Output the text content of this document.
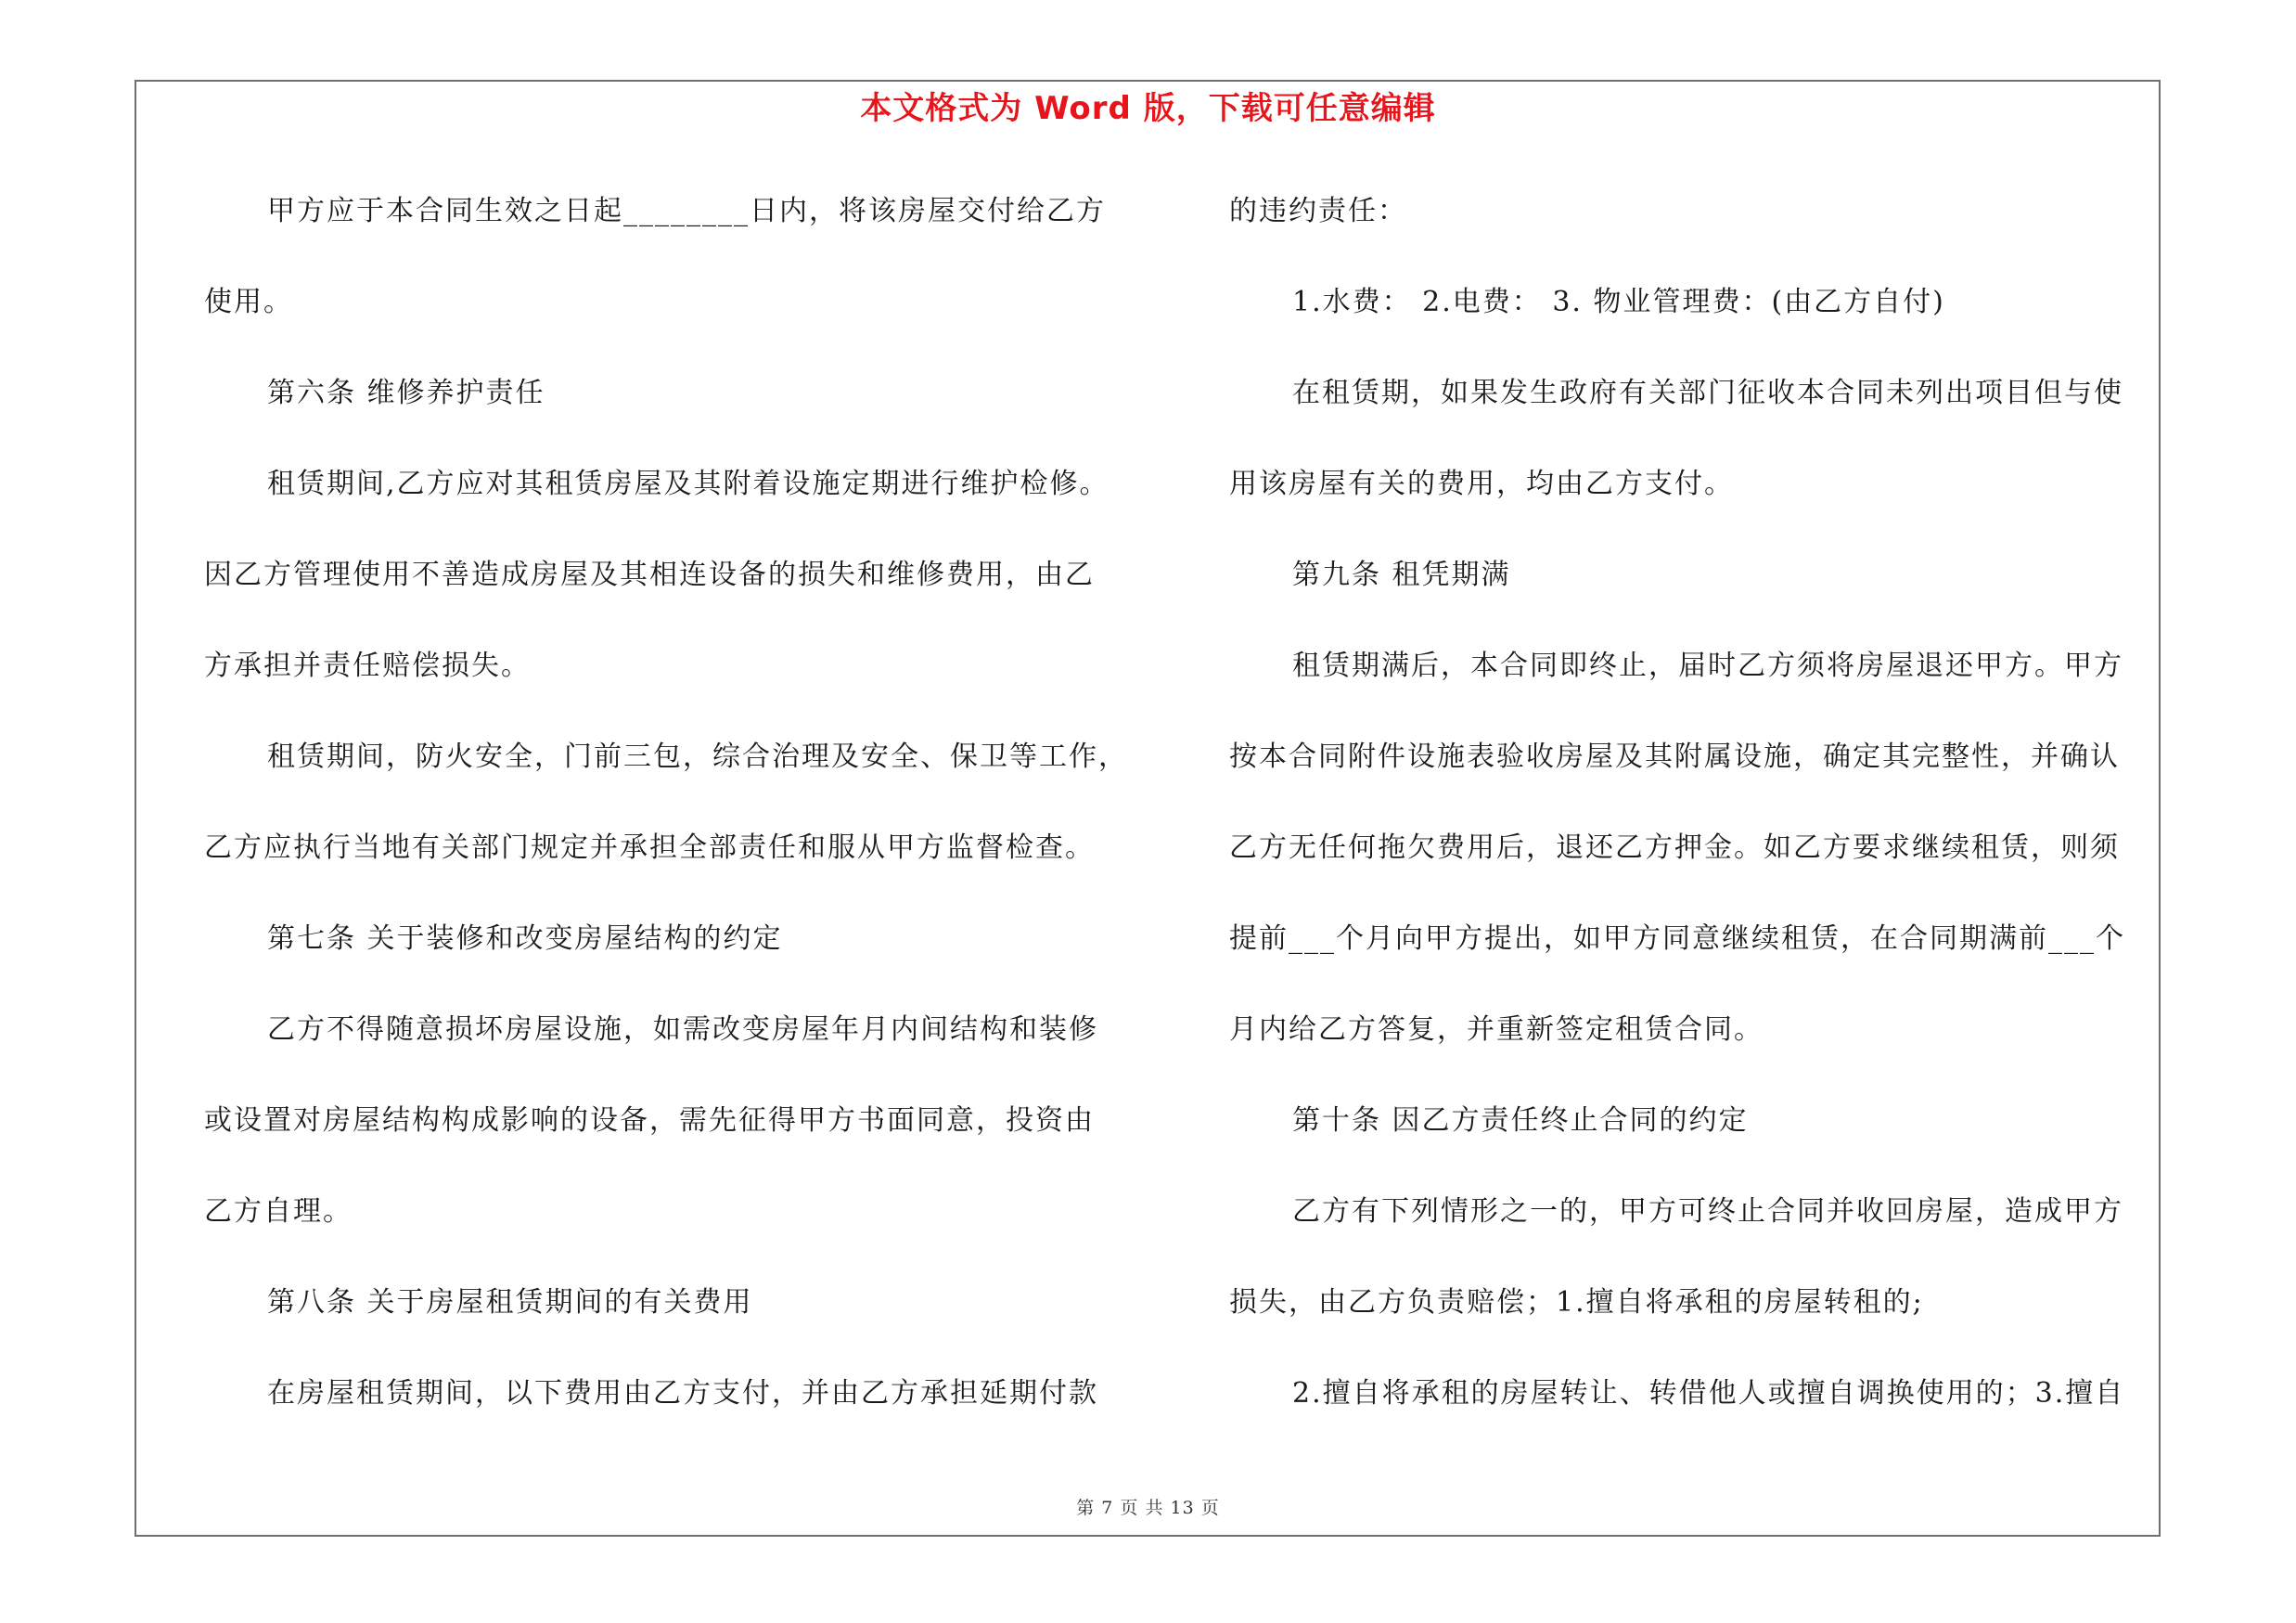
本文格式为 Word 版，下载可任意编辑
甲方应于本合同生效之日起________日内，将该房屋交付给乙方
使用。
第六条 维修养护责任
租赁期间,乙方应对其租赁房屋及其附着设施定期进行维护检修。
因乙方管理使用不善造成房屋及其相连设备的损失和维修费用，由乙
方承担并责任赔偿损失。
租赁期间，防火安全，门前三包，综合治理及安全、保卫等工作，
乙方应执行当地有关部门规定并承担全部责任和服从甲方监督检查。
第七条 关于装修和改变房屋结构的约定
乙方不得随意损坏房屋设施，如需改变房屋年月内间结构和装修
或设置对房屋结构构成影响的设备，需先征得甲方书面同意，投资由
乙方自理。
第八条 关于房屋租赁期间的有关费用
在房屋租赁期间，以下费用由乙方支付，并由乙方承担延期付款
的违约责任：
1.水费： 2.电费： 3. 物业管理费：(由乙方自付)
在租赁期，如果发生政府有关部门征收本合同未列出项目但与使
用该房屋有关的费用，均由乙方支付。
第九条 租凭期满
租赁期满后，本合同即终止，届时乙方须将房屋退还甲方。甲方
按本合同附件设施表验收房屋及其附属设施，确定其完整性，并确认
乙方无任何拖欠费用后，退还乙方押金。如乙方要求继续租赁，则须
提前___个月向甲方提出，如甲方同意继续租赁，在合同期满前___个
月内给乙方答复，并重新签定租赁合同。
第十条 因乙方责任终止合同的约定
乙方有下列情形之一的，甲方可终止合同并收回房屋，造成甲方
损失，由乙方负责赔偿；1.擅自将承租的房屋转租的;
2.擅自将承租的房屋转让、转借他人或擅自调换使用的；3.擅自
第 7 页 共 13 页
